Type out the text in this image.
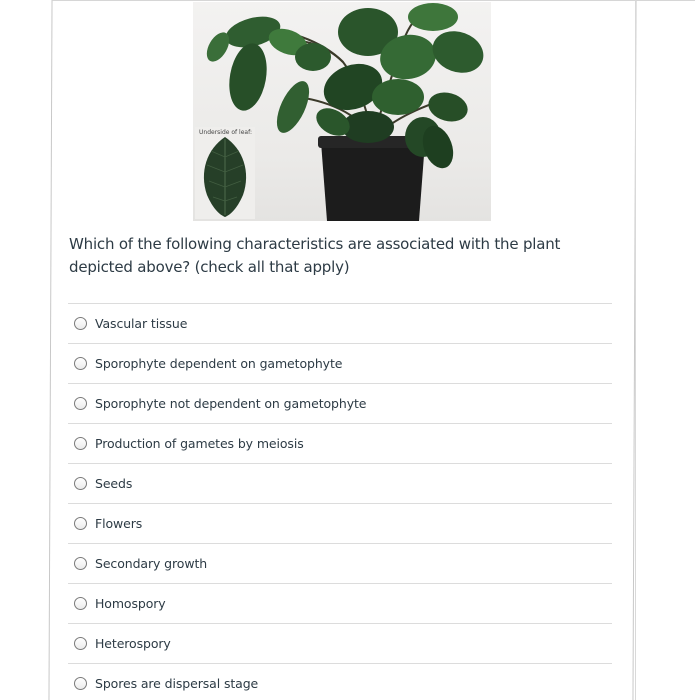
Underside of leaf:
Which of the following characteristics are associated with the plant depicted above? (check all that apply)
Vascular tissue
Sporophyte dependent on gametophyte
Sporophyte not dependent on gametophyte
Production of gametes by meiosis
Seeds
Flowers
Secondary growth
Homospory
Heterospory
Spores are dispersal stage
